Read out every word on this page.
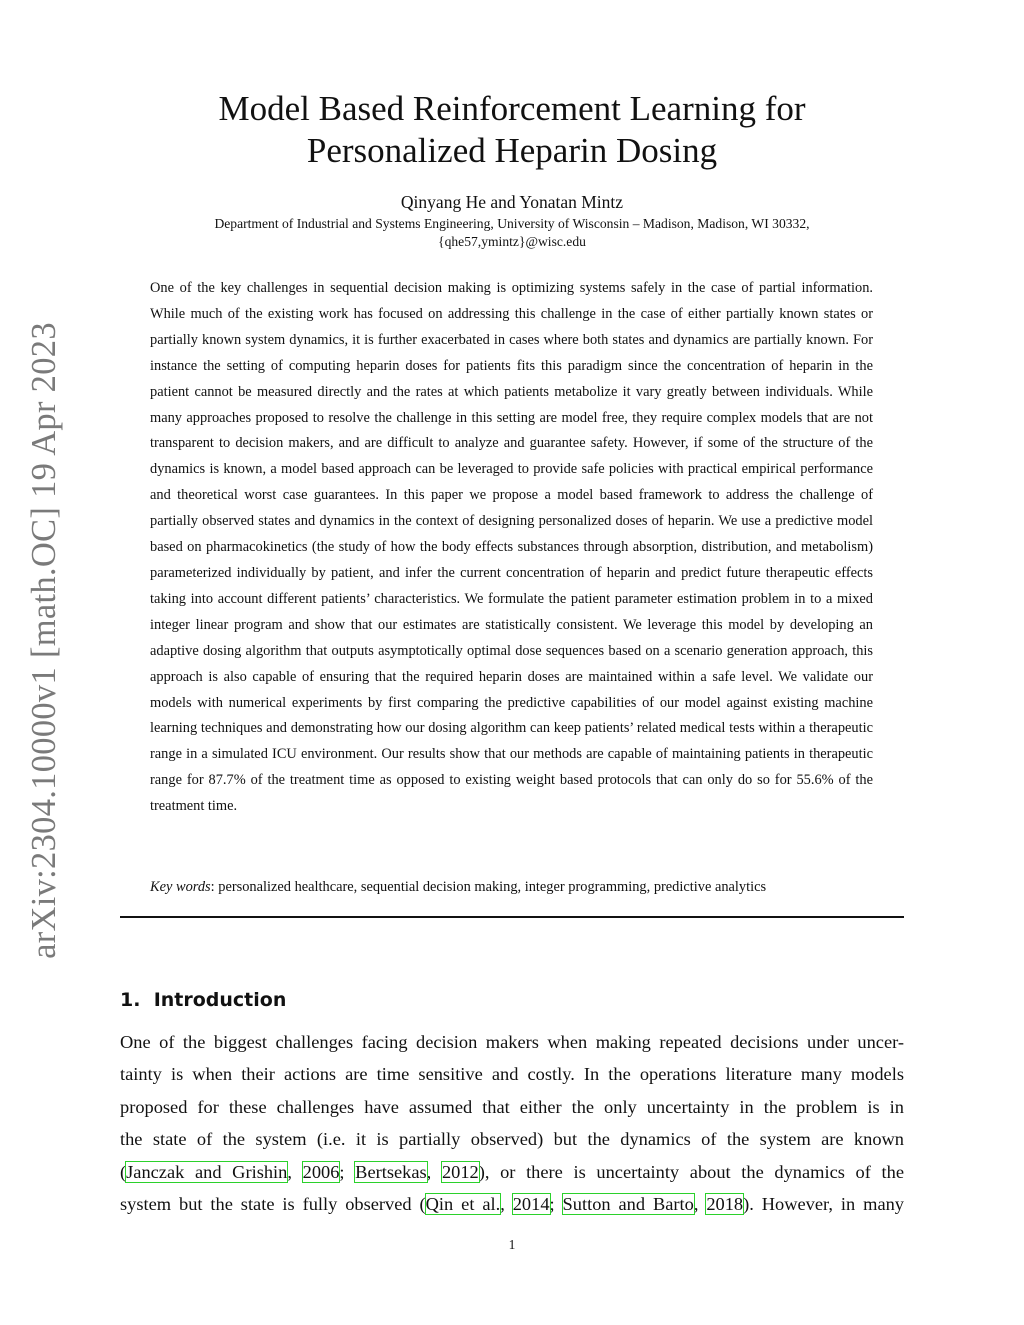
arXiv:2304.10000v1 [math.OC] 19 Apr 2023
Model Based Reinforcement Learning for
Personalized Heparin Dosing
Qinyang He and Yonatan Mintz
Department of Industrial and Systems Engineering, University of Wisconsin – Madison, Madison, WI 30332,
{qhe57,ymintz}@wisc.edu

One of the key challenges in sequential decision making is optimizing systems safely in the case of partial information. While much of the existing work has focused on addressing this challenge in the case of either partially known states or partially known system dynamics, it is further exacerbated in cases where both states and dynamics are partially known. For instance the setting of computing heparin doses for patients fits this paradigm since the concentration of heparin in the patient cannot be measured directly and the rates at which patients metabolize it vary greatly between individuals. While many approaches proposed to resolve the challenge in this setting are model free, they require complex models that are not transparent to decision makers, and are difficult to analyze and guarantee safety. However, if some of the structure of the dynamics is known, a model based approach can be leveraged to provide safe policies with practical empirical performance and theoretical worst case guarantees. In this paper we propose a model based framework to address the challenge of partially observed states and dynamics in the context of designing personalized doses of heparin. We use a predictive model based on pharmacokinetics (the study of how the body effects substances through absorption, distribution, and metabolism) parameterized individually by patient, and infer the current concentration of heparin and predict future therapeutic effects taking into account different patients’ characteristics. We formulate the patient parameter estimation problem in to a mixed integer linear program and show that our estimates are statistically consistent. We leverage this model by developing an adaptive dosing algorithm that outputs asymptotically optimal dose sequences based on a scenario generation approach, this approach is also capable of ensuring that the required heparin doses are maintained within a safe level. We validate our models with numerical experiments by first comparing the predictive capabilities of our model against existing machine learning techniques and demonstrating how our dosing algorithm can keep patients’ related medical tests within a therapeutic range in a simulated ICU environment. Our results show that our methods are capable of maintaining patients in therapeutic range for 87.7% of the treatment time as opposed to existing weight based protocols that can only do so for 55.6% of the treatment time.

Key words: personalized healthcare, sequential decision making, integer programming, predictive analytics
1. Introduction

One of the biggest challenges facing decision makers when making repeated decisions under uncer-
tainty is when their actions are time sensitive and costly. In the operations literature many models
proposed for these challenges have assumed that either the only uncertainty in the problem is in
the state of the system (i.e. it is partially observed) but the dynamics of the system are known
(Janczak and Grishin, 2006; Bertsekas, 2012), or there is uncertainty about the dynamics of the
system but the state is fully observed (Qin et al., 2014; Sutton and Barto, 2018). However, in many

1
